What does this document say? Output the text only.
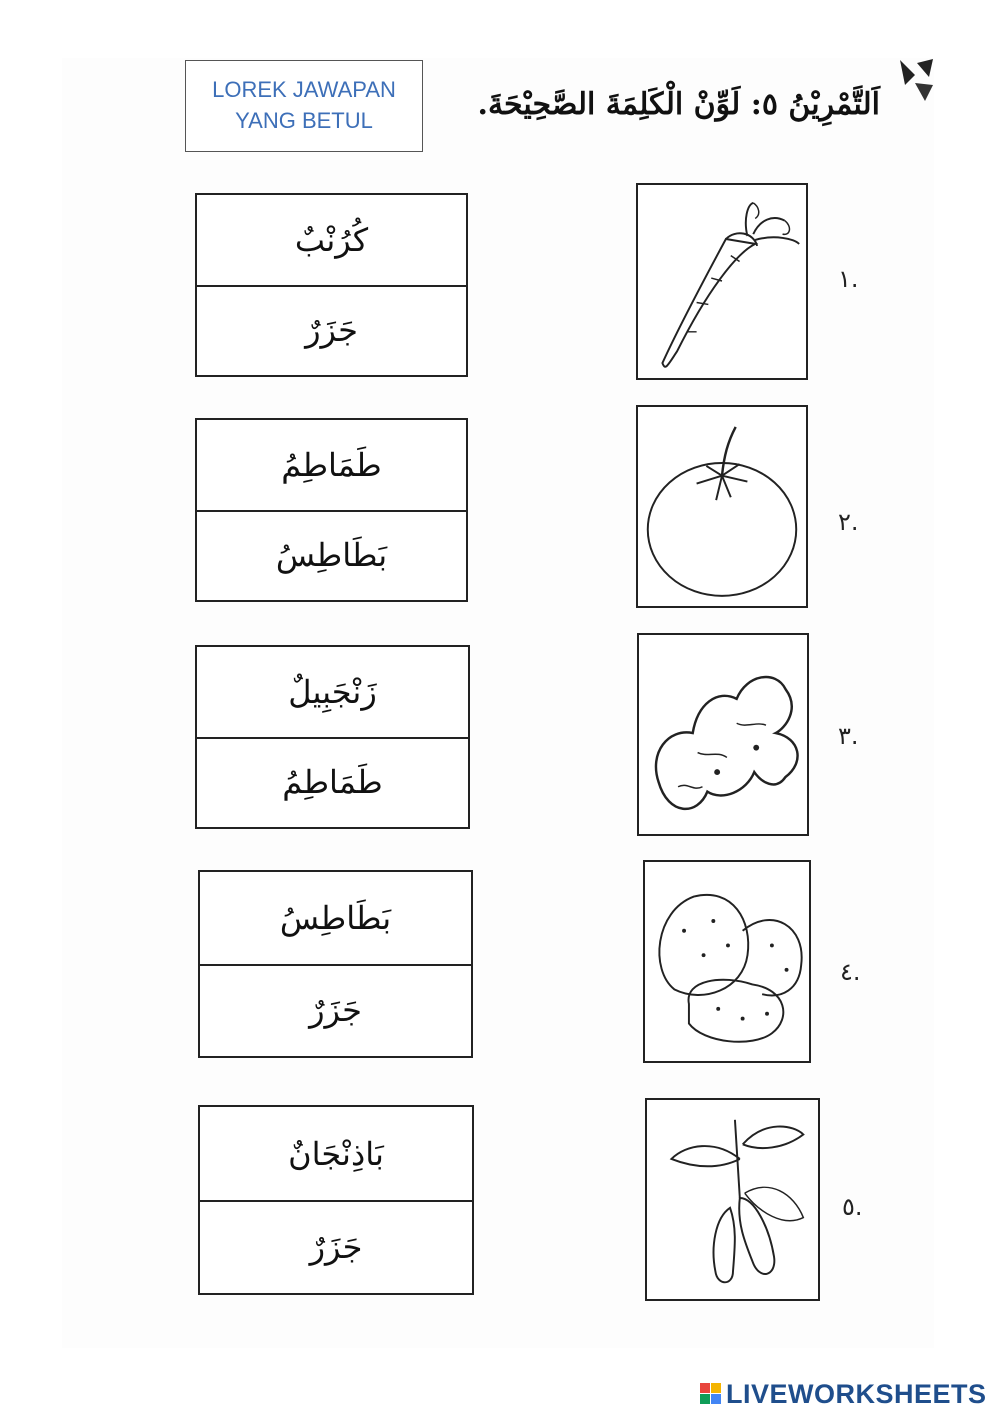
LOREK JAWAPAN
YANG BETUL	اَلتَّمْرِيْنُ ٥: لَوِّنْ الْكَلِمَةَ الصَّحِيْحَةَ.
كُرُنْبٌ
جَزَرٌ
.١
طَمَاطِمُ
بَطَاطِسُ
.٢
زَنْجَبِيلٌ
طَمَاطِمُ
.٣
بَطَاطِسُ
جَزَرٌ
.٤
بَاذِنْجَانٌ
جَزَرٌ
.٥
LIVEWORKSHEETS
